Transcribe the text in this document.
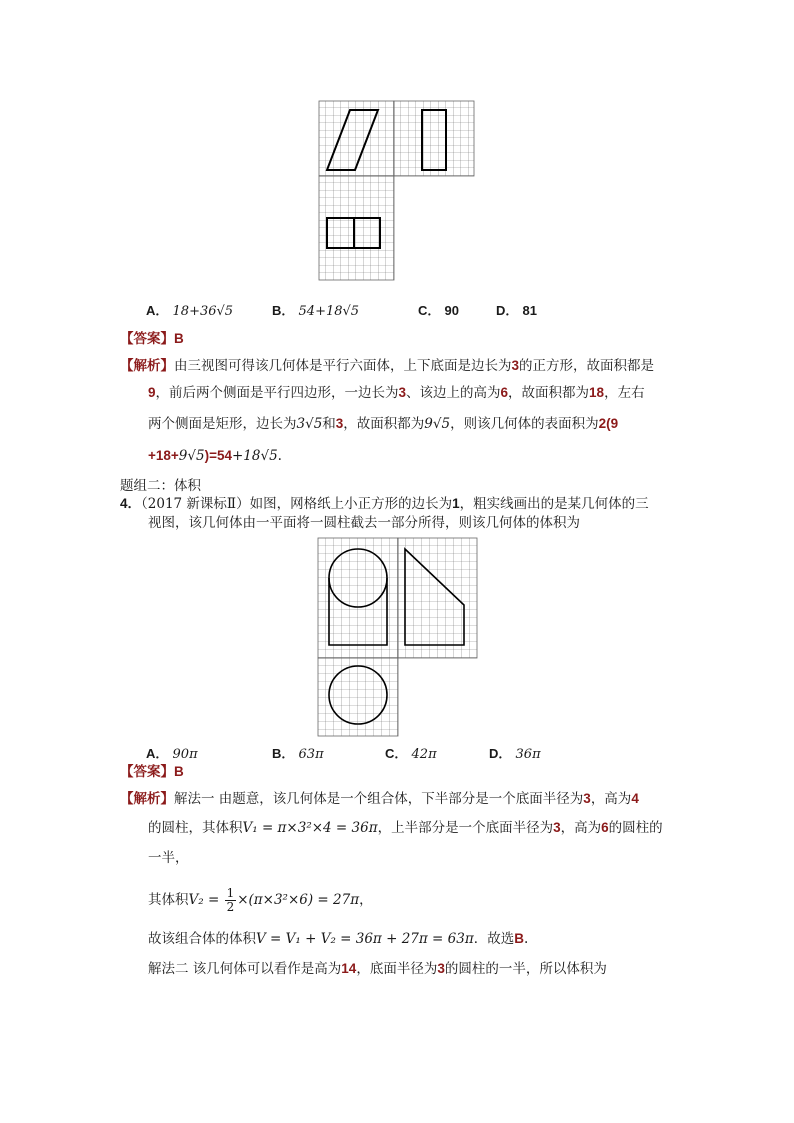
A． 18+36√5	B． 54+18√5	C． 90	D． 81
【答案】B
【解析】由三视图可得该几何体是平行六面体，上下底面是边长为3的正方形，故面积都是
9，前后两个侧面是平行四边形，一边长为3、该边上的高为6，故面积都为18，左右
两个侧面是矩形，边长为3√5和3，故面积都为9√5，则该几何体的表面积为2(9
+18+9√5)=54+18√5.
题组二：体积
4．（2017 新课标Ⅱ）如图，网格纸上小正方形的边长为1，粗实线画出的是某几何体的三
视图，该几何体由一平面将一圆柱截去一部分所得，则该几何体的体积为
A． 90π	B． 63π	C． 42π	D． 36π
【答案】B
【解析】解法一 由题意，该几何体是一个组合体，下半部分是一个底面半径为3，高为4
的圆柱，其体积V₁ = π×3²×4 = 36π，上半部分是一个底面半径为3，高为6的圆柱的
一半，
其体积$V_2 = \frac{1}{2} \times(\pi\times 3^2\times 6) = 27\pi$，
故该组合体的体积V = V₁ + V₂ = 36π + 27π = 63π．故选B.
解法二 该几何体可以看作是高为14，底面半径为3的圆柱的一半，所以体积为
